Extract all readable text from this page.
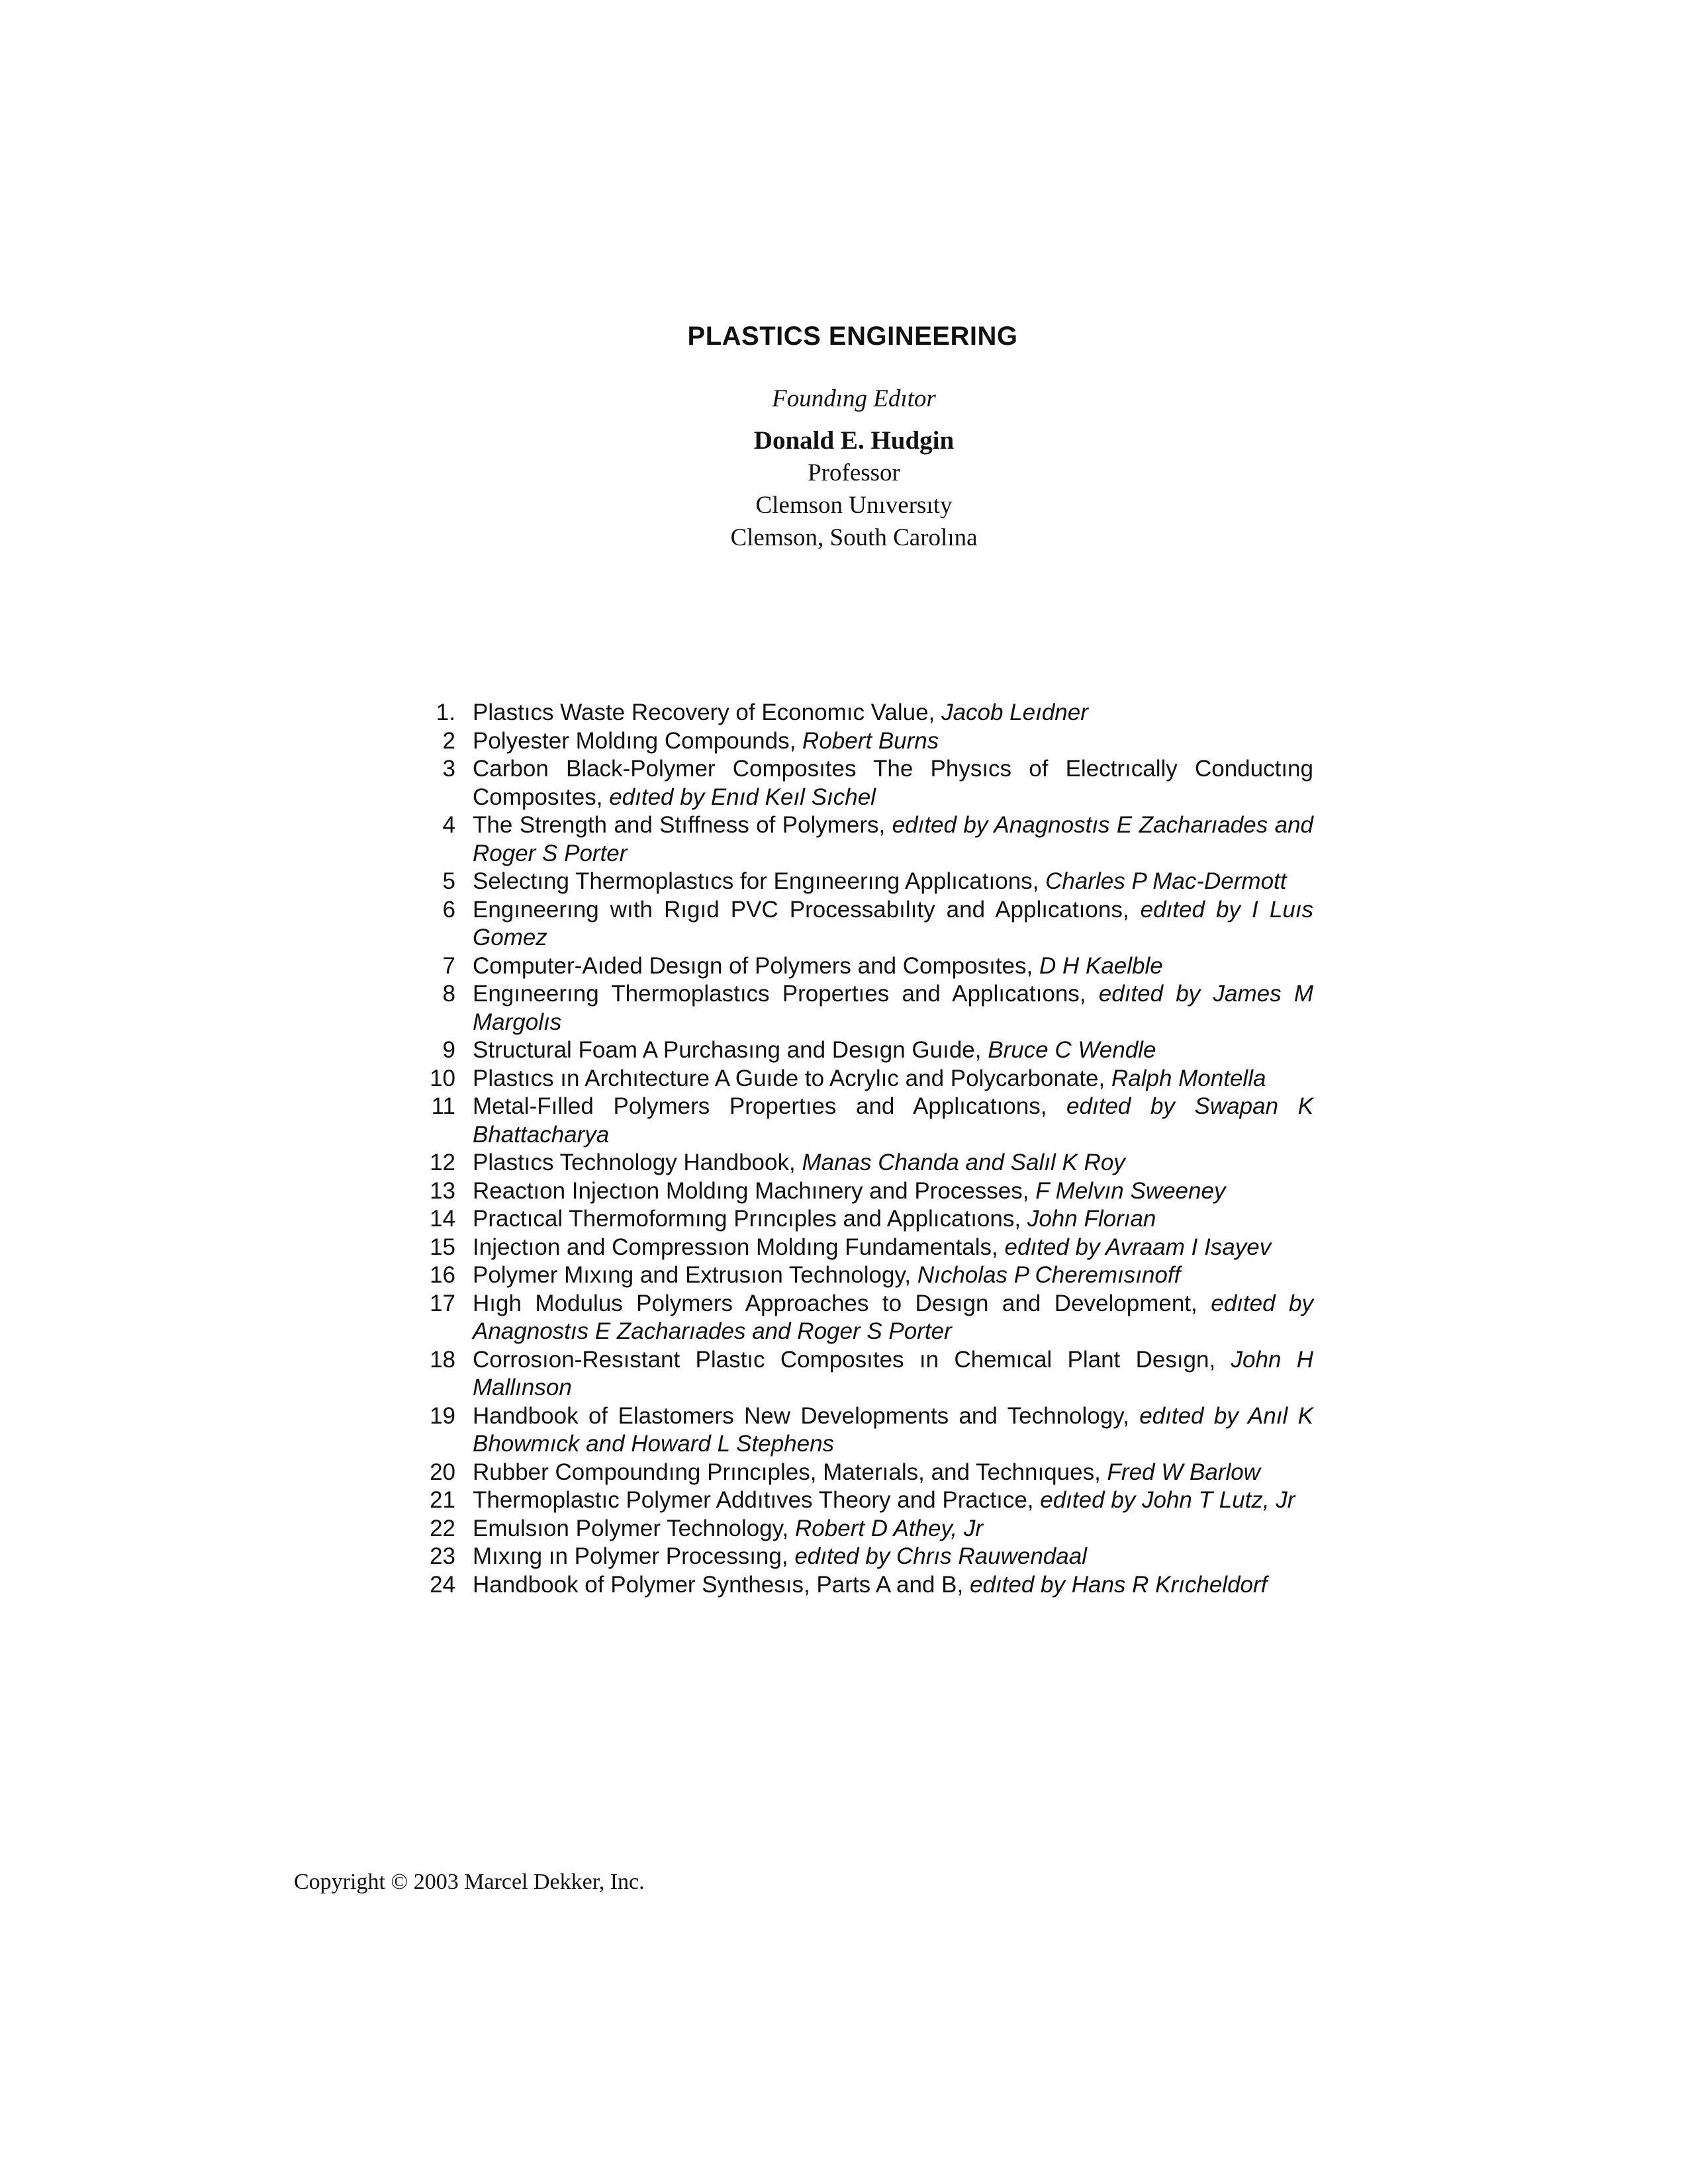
PLASTICS ENGINEERING
Foundıng Edıtor
Donald E. Hudgin
Professor
Clemson Unıversıty
Clemson, South Carolına
1. Plastıcs Waste Recovery of Economıc Value, Jacob Leıdner
2 Polyester Moldıng Compounds, Robert Burns
3 Carbon Black-Polymer Composıtes The Physıcs of Electrıcally Conductıng Composıtes, edıted by Enıd Keıl Sıchel
4 The Strength and Stıffness of Polymers, edıted by Anagnostıs E Zacharıades and Roger S Porter
5 Selectıng Thermoplastıcs for Engıneerıng Applıcatıons, Charles P Mac-Dermott
6 Engıneerıng wıth Rıgıd PVC Processabılıty and Applıcatıons, edıted by I Luıs Gomez
7 Computer-Aıded Desıgn of Polymers and Composıtes, D H Kaelble
8 Engıneerıng Thermoplastıcs Propertıes and Applıcatıons, edıted by James M Margolıs
9 Structural Foam A Purchasıng and Desıgn Guıde, Bruce C Wendle
10 Plastıcs ın Archıtecture A Guıde to Acrylıc and Polycarbonate, Ralph Montella
11 Metal-Fılled Polymers Propertıes and Applıcatıons, edıted by Swapan K Bhattacharya
12 Plastıcs Technology Handbook, Manas Chanda and Salıl K Roy
13 Reactıon Injectıon Moldıng Machınery and Processes, F Melvın Sweeney
14 Practıcal Thermoformıng Prıncıples and Applıcatıons, John Florıan
15 Injectıon and Compressıon Moldıng Fundamentals, edıted by Avraam I Isayev
16 Polymer Mıxıng and Extrusıon Technology, Nıcholas P Cheremısınoff
17 Hıgh Modulus Polymers Approaches to Desıgn and Development, edıted by Anagnostıs E Zacharıades and Roger S Porter
18 Corrosıon-Resıstant Plastıc Composıtes ın Chemıcal Plant Desıgn, John H Mallınson
19 Handbook of Elastomers New Developments and Technology, edıted by Anıl K Bhowmıck and Howard L Stephens
20 Rubber Compoundıng Prıncıples, Materıals, and Technıques, Fred W Barlow
21 Thermoplastıc Polymer Addıtıves Theory and Practıce, edıted by John T Lutz, Jr
22 Emulsıon Polymer Technology, Robert D Athey, Jr
23 Mıxıng ın Polymer Processıng, edıted by Chrıs Rauwendaal
24 Handbook of Polymer Synthesıs, Parts A and B, edıted by Hans R Krıcheldorf
Copyright © 2003 Marcel Dekker, Inc.
